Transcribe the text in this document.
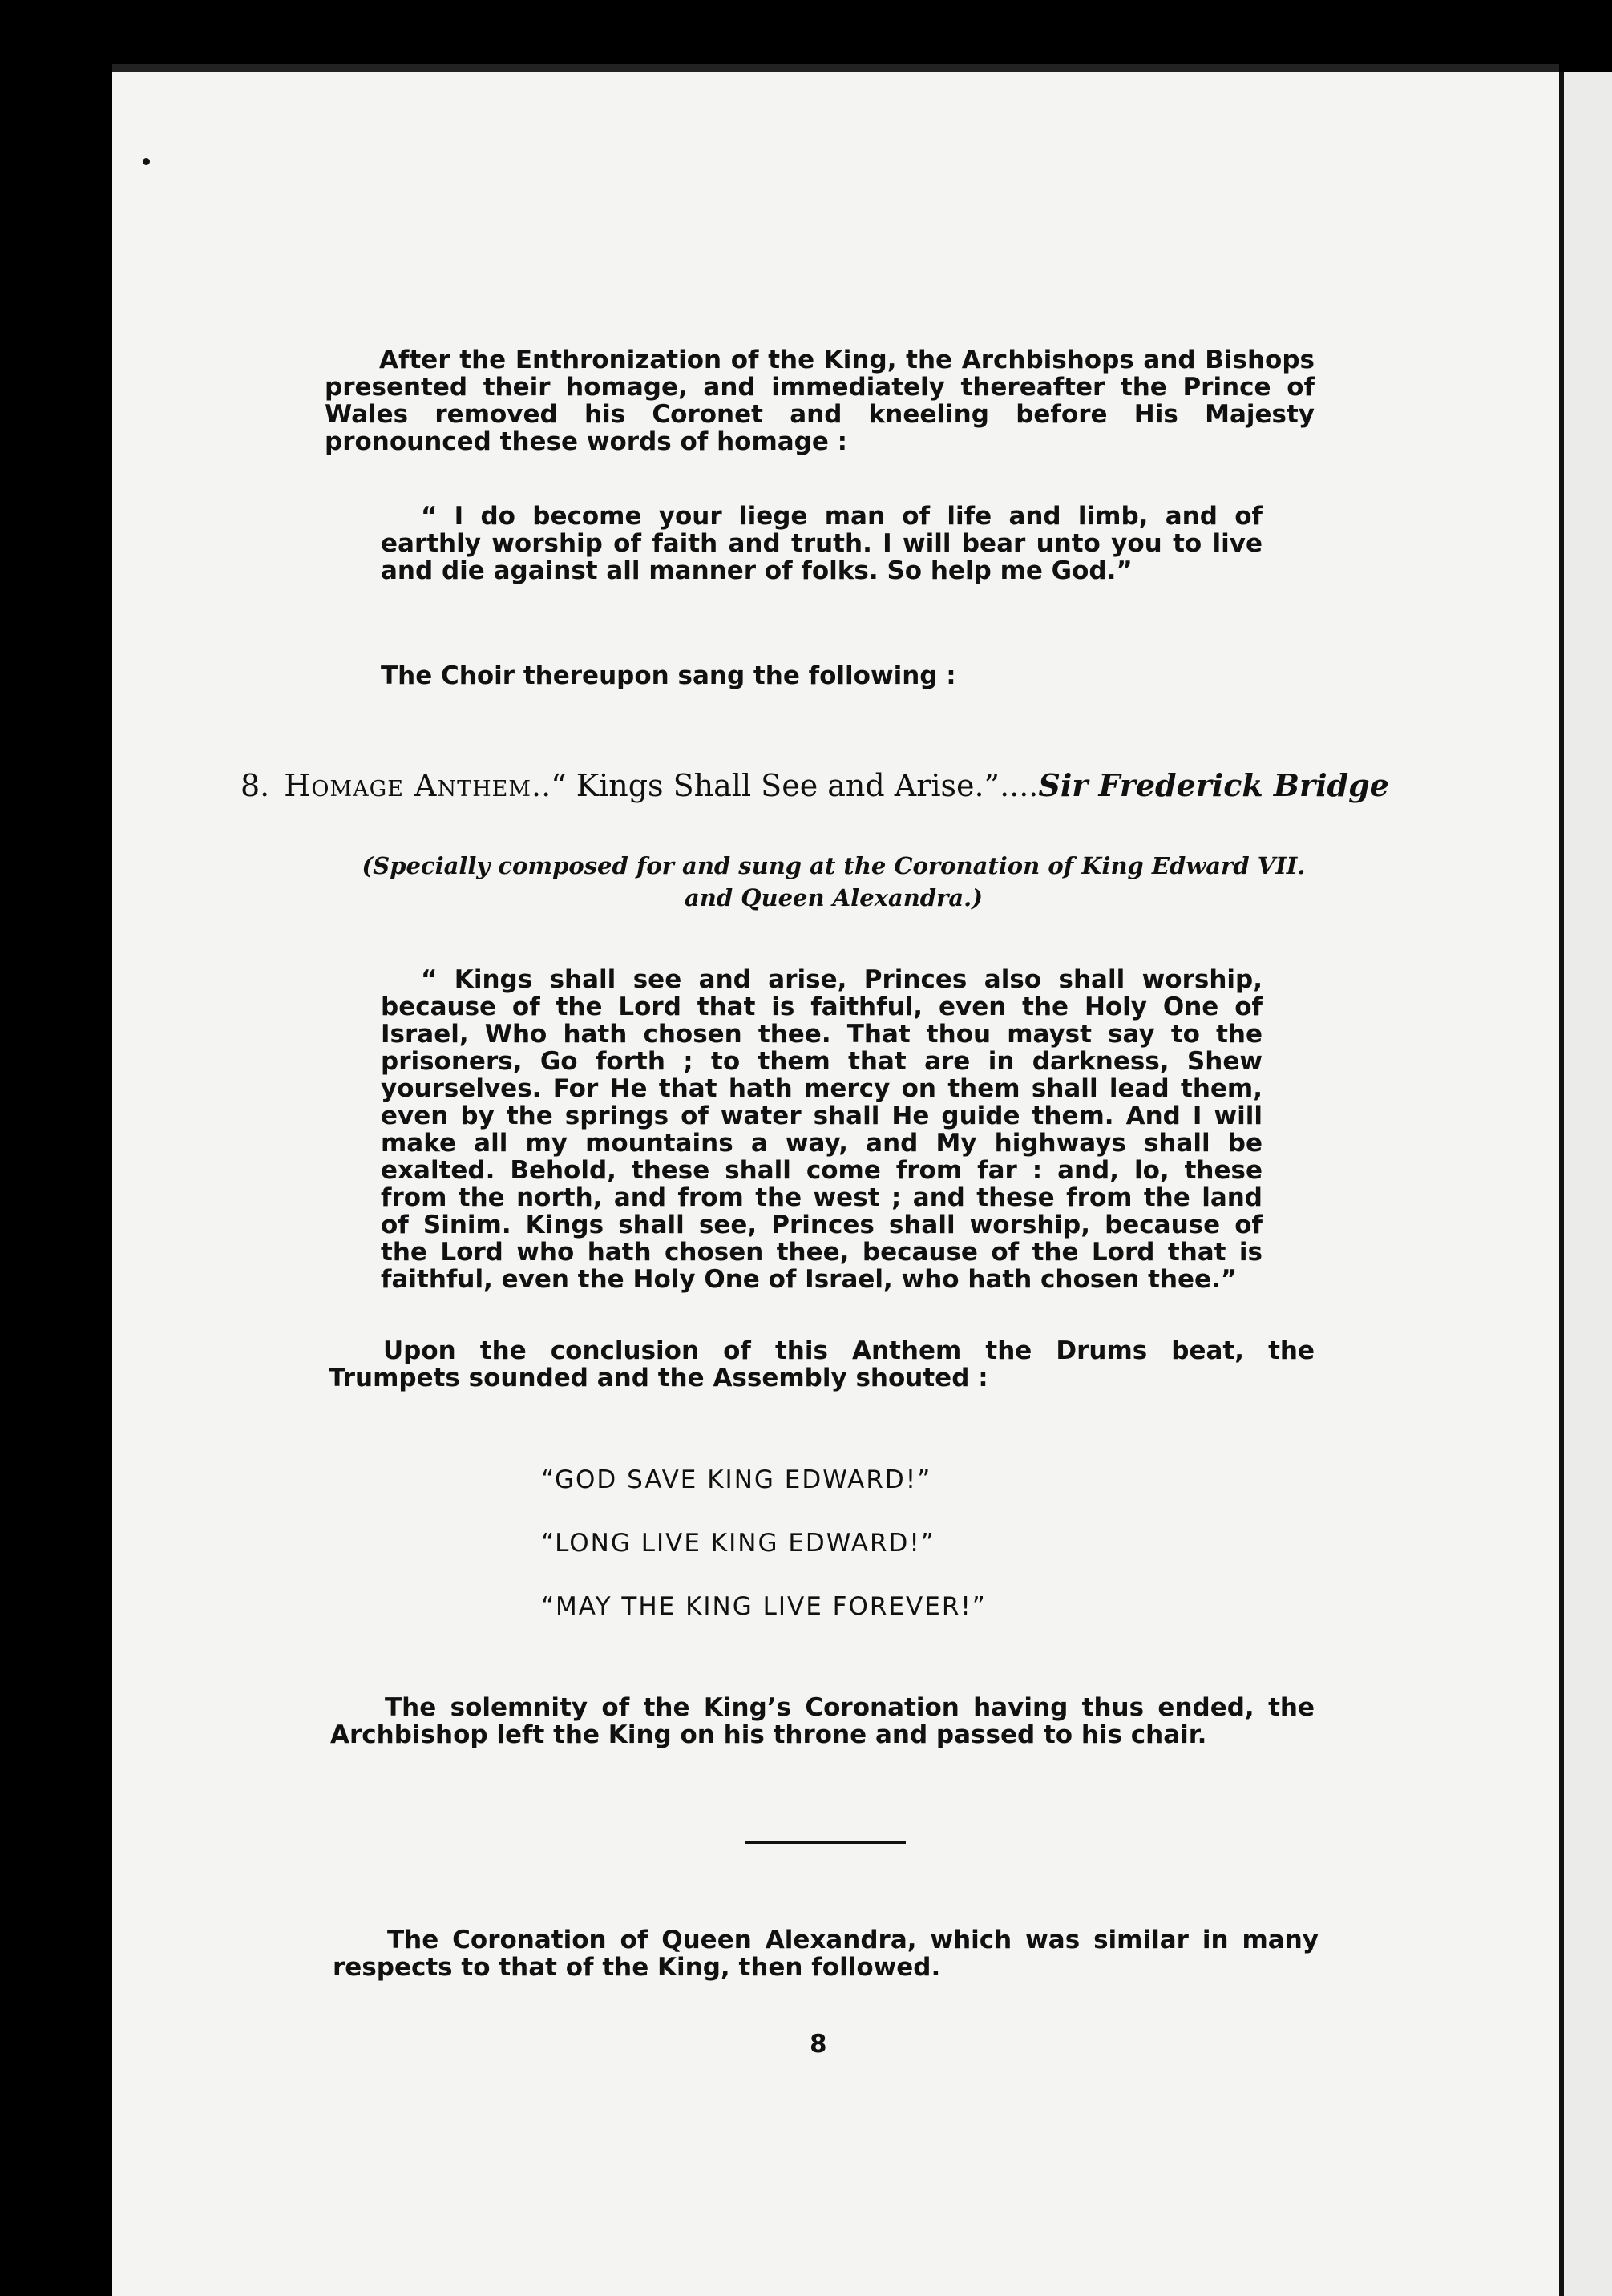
After the Enthronization of the King, the Archbishops and Bishops presented their homage, and immediately thereafter the Prince of Wales removed his Coronet and kneeling before His Majesty pronounced these words of homage :

“ I do become your liege man of life and limb, and of earthly worship of faith and truth. I will bear unto you to live and die against all manner of folks. So help me God.”

The Choir thereupon sang the following :

8. Homage Anthem..“ Kings Shall See and Arise.”....Sir Frederick Bridge

(Specially composed for and sung at the Coronation of King Edward VII. and Queen Alexandra.)

“ Kings shall see and arise, Princes also shall worship, because of the Lord that is faithful, even the Holy One of Israel, Who hath chosen thee. That thou mayst say to the prisoners, Go forth ; to them that are in darkness, Shew yourselves. For He that hath mercy on them shall lead them, even by the springs of water shall He guide them. And I will make all my mountains a way, and My highways shall be exalted. Behold, these shall come from far : and, lo, these from the north, and from the west ; and these from the land of Sinim. Kings shall see, Princes shall worship, because of the Lord who hath chosen thee, because of the Lord that is faithful, even the Holy One of Israel, who hath chosen thee.”

Upon the conclusion of this Anthem the Drums beat, the Trumpets sounded and the Assembly shouted :

“GOD SAVE KING EDWARD!”

“LONG LIVE KING EDWARD!”

“MAY THE KING LIVE FOREVER!”

The solemnity of the King’s Coronation having thus ended, the Archbishop left the King on his throne and passed to his chair.

The Coronation of Queen Alexandra, which was similar in many respects to that of the King, then followed.

8
